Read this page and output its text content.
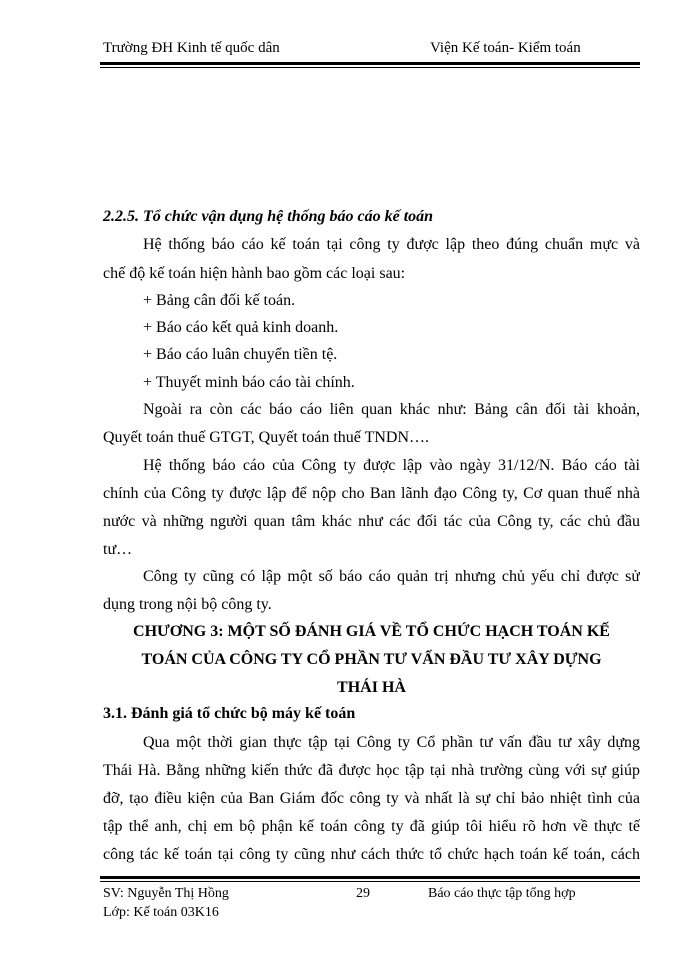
Trường ĐH Kinh tế quốc dân	Viện Kế toán- Kiểm toán
2.2.5. Tổ chức vận dụng hệ thống báo cáo kế toán
Hệ thống báo cáo kế toán tại công ty được lập theo đúng chuẩn mực và
chế độ kế toán hiện hành bao gồm các loại sau:
+ Bảng cân đối kế toán.
+ Báo cáo kết quả kinh doanh.
+ Báo cáo luân chuyển tiền tệ.
+ Thuyết minh báo cáo tài chính.
Ngoài ra còn các báo cáo liên quan khác như: Bảng cân đối tài khoản,
Quyết toán thuế GTGT, Quyết toán thuế TNDN….
Hệ thống báo cáo của Công ty được lập vào ngày 31/12/N. Báo cáo tài
chính của Công ty được lập để nộp cho Ban lãnh đạo Công ty, Cơ quan thuế nhà
nước và những người quan tâm khác như các đối tác của Công ty, các chủ đầu
tư…
Công ty cũng có lập một số báo cáo quản trị nhưng chủ yếu chỉ được sử
dụng trong nội bộ công ty.
CHƯƠNG 3: MỘT SỐ ĐÁNH GIÁ VỀ TỔ CHỨC HẠCH TOÁN KẾ
TOÁN CỦA CÔNG TY CỔ PHẦN TƯ VẤN ĐẦU TƯ XÂY DỰNG
THÁI HÀ
3.1. Đánh giá tổ chức bộ máy kế toán
Qua một thời gian thực tập tại Công ty Cổ phần tư vấn đầu tư xây dựng
Thái Hà. Bằng những kiến thức đã được học tập tại nhà trường cùng với sự giúp
đỡ, tạo điều kiện của Ban Giám đốc công ty và nhất là sự chỉ bảo nhiệt tình của
tập thể anh, chị em bộ phận kế toán công ty đã giúp tôi hiểu rõ hơn về thực tế
công tác kế toán tại công ty cũng như cách thức tổ chức hạch toán kế toán, cách
SV: Nguyễn Thị Hồng	29	Báo cáo thực tập tổng hợp
Lớp: Kế toán 03K16
